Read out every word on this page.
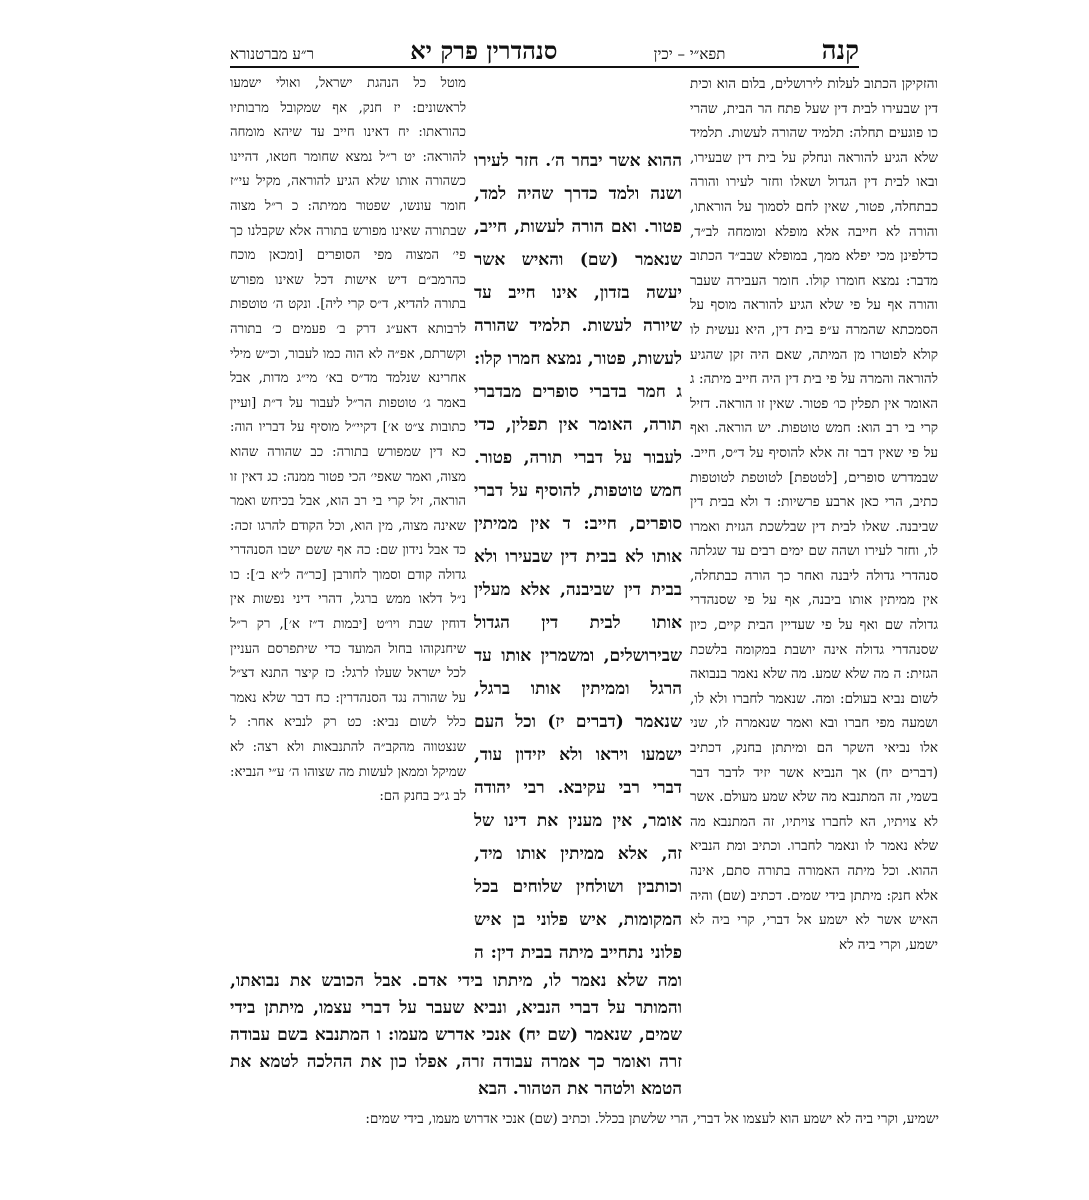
קנה
תפא״י – יכין
סנהדרין פרק יא
ר״ע מברטנורא
והזקיקן הכתוב לעלות לירושלים, בלום הוא וכית דין שבעירו לבית דין שעל פתח הר הבית, שהרי כו פוגעים תחלה: תלמיד שהורה לעשות. תלמיד שלא הגיע להוראה ונחלק על בית דין שבעירו, ובאו לבית דין הגדול ושאלו וחזר לעירו והורה כבתחלה, פטור, שאין לחם לסמוך על הוראתו, והורה לא חייבה אלא מופלא ומומחה לב״ד, כדלפינן מכי יפלא ממך, במופלא שבב״ד הכתוב מדבר: נמצא חומרו קולו. חומר העבירה שעבר והורה אף על פי שלא הגיע להוראה מוסף על הסמכתא שהמרה ע״פ בית דין, היא נעשית לו קולא לפוטרו מן המיתה, שאם היה זקן שהגיע להוראה והמרה על פי בית דין היה חייב מיתה: ג האומר אין תפלין כו׳ פטור. שאין זו הוראה. דזיל קרי בי רב הוא: חמש טוטפות. יש הוראה. ואף על פי שאין דבר זה אלא להוסיף על ד״ס, חייב. שבמדרש סופרים, [לטטפת] לטוטפת לטוטפות כתיב, הרי כאן ארבע פרשיות: ד ולא בבית דין שביבנה. שאלו לבית דין שבלשכת הגזית ואמרו לו, וחזר לעירו ושהה שם ימים רבים עד שגלתה סנהדרי גדולה ליבנה ואחר כך הורה כבתחלה, אין ממיתין אותו ביבנה, אף על פי שסנהדרי גדולה שם ואף על פי שעדיין הבית קיים, כיון שסנהדרי גדולה אינה יושבת במקומה בלשכת הגזית: ה מה שלא שמע. מה שלא נאמר בנבואה לשום נביא בעולם: ומה. שנאמר לחברו ולא לו, ושמעה מפי חברו ובא ואמר שנאמרה לו, שני אלו נביאי השקר הם ומיתתן בחנק, דכתיב (דברים יח) אך הנביא אשר יזיד לדבר דבר בשמי, זה המתנבא מה שלא שמע מעולם. אשר לא צויתיו, הא לחברו צויתיו, זה המתנבא מה שלא נאמר לו ונאמר לחברו. וכתיב ומת הנביא ההוא. וכל מיתה האמורה בתורה סתם, אינה אלא חנק: מיתתן בידי שמים. דכתיב (שם) והיה האיש אשר לא ישמע אל דברי, קרי ביה לא ישמע, וקרי ביה לא
ההוא אשר יבחר ה׳. חזר לעירו ושנה ולמד כדרך שהיה למד, פטור. ואם הורה לעשות, חייב, שנאמר (שם) והאיש אשר יעשה בזדון, אינו חייב עד שיורה לעשות. תלמיד שהורה לעשות, פטור, נמצא חמרו קלו: ג חמר בדברי סופרים מבדברי תורה, האומר אין תפלין, כדי לעבור על דברי תורה, פטור. חמש טוטפות, להוסיף על דברי סופרים, חייב: ד אין ממיתין אותו לא בבית דין שבעירו ולא בבית דין שביבנה, אלא מעלין אותו לבית דין הגדול שבירושלים, ומשמרין אותו עד הרגל וממיתין אותו ברגל, שנאמר (דברים יז) וכל העם ישמעו ויראו ולא יזידון עוד, דברי רבי עקיבא. רבי יהודה אומר, אין מענין את דינו של זה, אלא ממיתין אותו מיד, וכותבין ושולחין שלוחים בכל המקומות, איש פלוני בן איש פלוני נתחייב מיתה בבית דין: ה
מוטל כל הנהגת ישראל, ואולי ישמעו לראשונים: יז חנק, אף שמקובל מרבותיו כהוראתו: יח דאינו חייב עד שיהא מומחה להוראה: יט ר״ל נמצא שחומר חטאו, דהיינו כשהורה אותו שלא הגיע להוראה, מקיל עי״ז חומר עונשו, שפטור ממיתה: כ ר״ל מצוה שבתורה שאינו מפורש בתורה אלא שקבלנו כך פי׳ המצוה מפי הסופרים [ומכאן מוכח כהרמב״ם דיש אישות דכל שאינו מפורש בתורה להדיא, ד״ס קרי ליה]. ונקט ה׳ טוטפות לרבותא דאע״ג דרק ב׳ פעמים כ׳ בתורה וקשרתם, אפ״ה לא הוה כמו לעבור, וכ״ש מילי אחרינא שנלמד מד״ס בא׳ מי״ג מדות, אבל באמר ג׳ טוטפות הר״ל לעבור על ד״ת [ועיין כתובות צ״ט א׳] דקיי״ל מוסיף על דבריו הוה: כא דין שמפורש בתורה: כב שהורה שהוא מצוה, ואמר שאפי׳ הכי פטור ממנה: כג דאין זו הוראה, זיל קרי בי רב הוא, אבל בכיחש ואמר שאינה מצוה, מין הוא, וכל הקודם להרגו זכה: כד אבל נידון שם: כה אף ששם ישבו הסנהדרי גדולה קודם וסמוך לחורבן [כר״ה ל״א ב׳]: כו נ״ל דלאו ממש ברגל, דהרי דיני נפשות אין דוחין שבת ויו״ט [יבמות ד״ז א׳], רק ר״ל שיחנקוהו בחול המועד כדי שיתפרסם העניין לכל ישראל שעלו לרגל: כז קיצר התנא דצ״ל על שהורה נגד הסנהדרין: כח דבר שלא נאמר כלל לשום נביא: כט רק לנביא אחר: ל שנצטווה מהקב״ה להתנבאות ולא רצה: לא שמיקל וממאן לעשות מה שצוהו ה׳ ע״י הנביא: לב ג״כ בחנק הם:
ומה שלא נאמר לו, מיתתו בידי אדם. אבל הכובש את נבואתו, והמותר על דברי הנביא, ונביא שעבר על דברי עצמו, מיתתן בידי שמים, שנאמר (שם יח) אנכי אדרש מעמו: ו המתנבא בשם עבודה זרה ואומר כך אמרה עבודה זרה, אפלו כון את ההלכה לטמא את הטמא ולטהר את הטהור. הבא
ישמיע, וקרי ביה לא ישמע הוא לעצמו אל דברי, הרי שלשתן בכלל. וכתיב (שם) אנכי אדרוש מעמו, בידי שמים:
